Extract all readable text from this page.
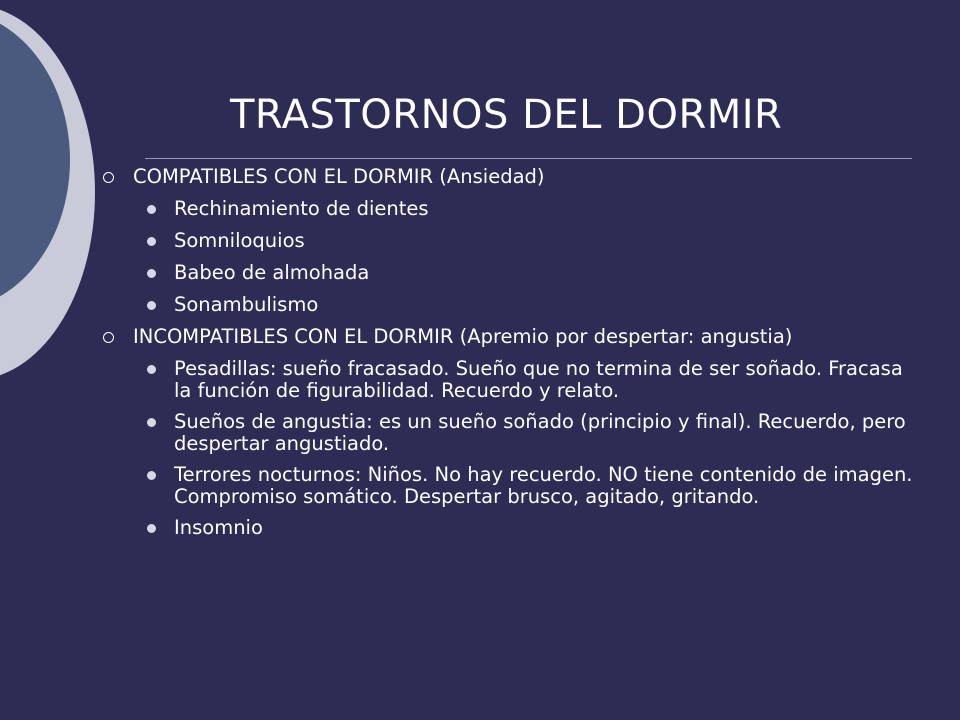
TRASTORNOS DEL DORMIR
COMPATIBLES CON EL DORMIR (Ansiedad)
Rechinamiento de dientes
Somniloquios
Babeo de almohada
Sonambulismo
INCOMPATIBLES CON EL DORMIR (Apremio por despertar: angustia)
Pesadillas: sueño fracasado. Sueño que no termina de ser soñado. Fracasa la función de figurabilidad. Recuerdo y relato.
Sueños de angustia: es un sueño soñado (principio y final). Recuerdo, pero despertar angustiado.
Terrores nocturnos: Niños. No hay recuerdo. NO tiene contenido de imagen. Compromiso somático. Despertar brusco, agitado, gritando.
Insomnio
